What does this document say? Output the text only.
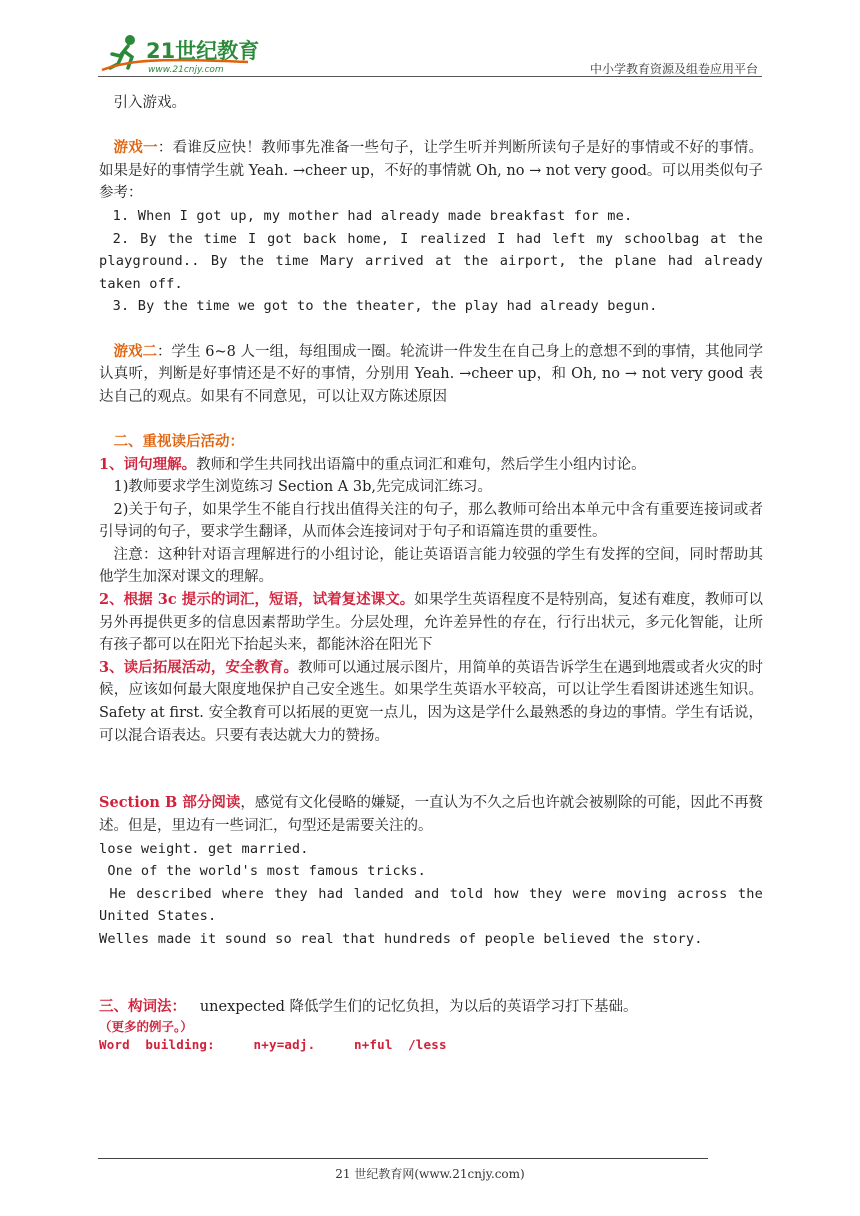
21世纪教育
www.21cnjy.com	中小学教育资源及组卷应用平台

引入游戏。

游戏一：看谁反应快！教师事先准备一些句子，让学生听并判断所读句子是好的事情或不好的事情。如果是好的事情学生就 Yeah. →cheer up，不好的事情就 Oh, no → not very good。可以用类似句子参考：

1. When I got up, my mother had already made breakfast for me.

2. By the time I got back home, I realized I had left my schoolbag at the playground.. By the time Mary arrived at the airport, the plane had already taken off.

3. By the time we got to the theater, the play had already begun.

游戏二：学生 6~8 人一组，每组围成一圈。轮流讲一件发生在自己身上的意想不到的事情，其他同学认真听，判断是好事情还是不好的事情，分别用 Yeah. →cheer up，和 Oh, no → not very good 表达自己的观点。如果有不同意见，可以让双方陈述原因

二、重视读后活动：

1、词句理解。教师和学生共同找出语篇中的重点词汇和难句，然后学生小组内讨论。

1)教师要求学生浏览练习 Section A 3b,先完成词汇练习。

2)关于句子，如果学生不能自行找出值得关注的句子，那么教师可给出本单元中含有重要连接词或者引导词的句子，要求学生翻译，从而体会连接词对于句子和语篇连贯的重要性。

注意：这种针对语言理解进行的小组讨论，能让英语语言能力较强的学生有发挥的空间，同时帮助其他学生加深对课文的理解。

2、根据 3c 提示的词汇，短语，试着复述课文。如果学生英语程度不是特别高，复述有难度，教师可以另外再提供更多的信息因素帮助学生。分层处理，允许差异性的存在，行行出状元，多元化智能，让所有孩子都可以在阳光下抬起头来，都能沐浴在阳光下

3、读后拓展活动，安全教育。教师可以通过展示图片，用简单的英语告诉学生在遇到地震或者火灾的时候，应该如何最大限度地保护自己安全逃生。如果学生英语水平较高，可以让学生看图讲述逃生知识。Safety at first. 安全教育可以拓展的更宽一点儿，因为这是学什么最熟悉的身边的事情。学生有话说，可以混合语表达。只要有表达就大力的赞扬。

Section B 部分阅读，感觉有文化侵略的嫌疑，一直认为不久之后也许就会被剔除的可能，因此不再赘述。但是，里边有一些词汇，句型还是需要关注的。

lose weight. get married.

One of the world's most famous tricks.

He described where they had landed and told how they were moving across the United States.

Welles made it sound so real that hundreds of people believed the story.

三、构词法：   unexpected 降低学生们的记忆负担，为以后的英语学习打下基础。

（更多的例子。）

Word  building:	n+y=adj.	n+ful  /less

21 世纪教育网(www.21cnjy.com)
